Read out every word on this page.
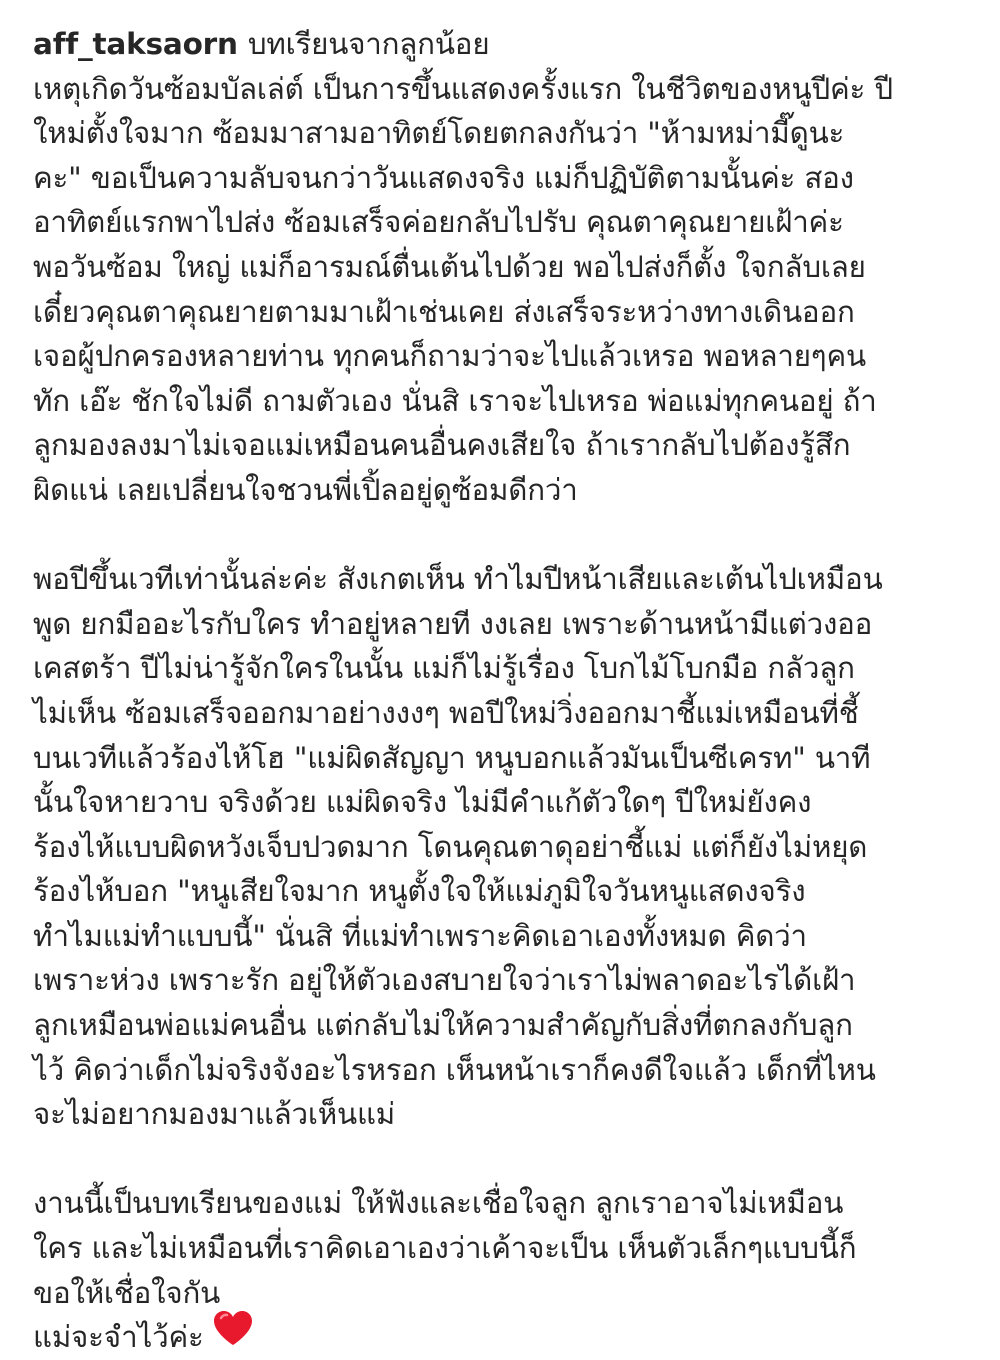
aff_taksaorn บทเรียนจากลูกน้อย
เหตุเกิดวันซ้อมบัลเล่ต์ เป็นการขึ้นแสดงครั้งแรก ในชีวิตของหนูปีค่ะ ปี
ใหม่ตั้งใจมาก ซ้อมมาสามอาทิตย์โดยตกลงกันว่า "ห้ามหม่ามี๊ดูนะ
คะ" ขอเป็นความลับจนกว่าวันแสดงจริง แม่ก็ปฏิบัติตามนั้นค่ะ สอง
อาทิตย์แรกพาไปส่ง ซ้อมเสร็จค่อยกลับไปรับ คุณตาคุณยายเฝ้าค่ะ
พอวันซ้อม ใหญ่ แม่ก็อารมณ์ตื่นเต้นไปด้วย พอไปส่งก็ตั้ง ใจกลับเลย
เดี๋ยวคุณตาคุณยายตามมาเฝ้าเช่นเคย ส่งเสร็จระหว่างทางเดินออก
เจอผู้ปกครองหลายท่าน ทุกคนก็ถามว่าจะไปแล้วเหรอ พอหลายๆคน
ทัก เอ๊ะ ชักใจไม่ดี ถามตัวเอง นั่นสิ เราจะไปเหรอ พ่อแม่ทุกคนอยู่ ถ้า
ลูกมองลงมาไม่เจอแม่เหมือนคนอื่นคงเสียใจ ถ้าเรากลับไปต้องรู้สึก
ผิดแน่ เลยเปลี่ยนใจชวนพี่เปิ้ลอยู่ดูซ้อมดีกว่า
พอปีขึ้นเวทีเท่านั้นล่ะค่ะ สังเกตเห็น ทำไมปีหน้าเสียและเต้นไปเหมือน
พูด ยกมืออะไรกับใคร ทำอยู่หลายที งงเลย เพราะด้านหน้ามีแต่วงออ
เคสตร้า ปีไม่น่ารู้จักใครในนั้น แม่ก็ไม่รู้เรื่อง โบกไม้โบกมือ กลัวลูก
ไม่เห็น ซ้อมเสร็จออกมาอย่างงงๆ พอปีใหม่วิ่งออกมาชี้แม่เหมือนที่ชี้
บนเวทีแล้วร้องไห้โฮ "แม่ผิดสัญญา หนูบอกแล้วมันเป็นซีเครท" นาที
นั้นใจหายวาบ จริงด้วย แม่ผิดจริง ไม่มีคำแก้ตัวใดๆ ปีใหม่ยังคง
ร้องไห้แบบผิดหวังเจ็บปวดมาก โดนคุณตาดุอย่าชี้แม่ แต่ก็ยังไม่หยุด
ร้องไห้บอก "หนูเสียใจมาก หนูตั้งใจให้แม่ภูมิใจวันหนูแสดงจริง
ทำไมแม่ทำแบบนี้" นั่นสิ ที่แม่ทำเพราะคิดเอาเองทั้งหมด คิดว่า
เพราะห่วง เพราะรัก อยู่ให้ตัวเองสบายใจว่าเราไม่พลาดอะไรได้เฝ้า
ลูกเหมือนพ่อแม่คนอื่น แต่กลับไม่ให้ความสำคัญกับสิ่งที่ตกลงกับลูก
ไว้ คิดว่าเด็กไม่จริงจังอะไรหรอก เห็นหน้าเราก็คงดีใจแล้ว เด็กที่ไหน
จะไม่อยากมองมาแล้วเห็นแม่
งานนี้เป็นบทเรียนของแม่ ให้ฟังและเชื่อใจลูก ลูกเราอาจไม่เหมือน
ใคร และไม่เหมือนที่เราคิดเอาเองว่าเค้าจะเป็น เห็นตัวเล็กๆแบบนี้ก็
ขอให้เชื่อใจกัน
แม่จะจำไว้ค่ะ
